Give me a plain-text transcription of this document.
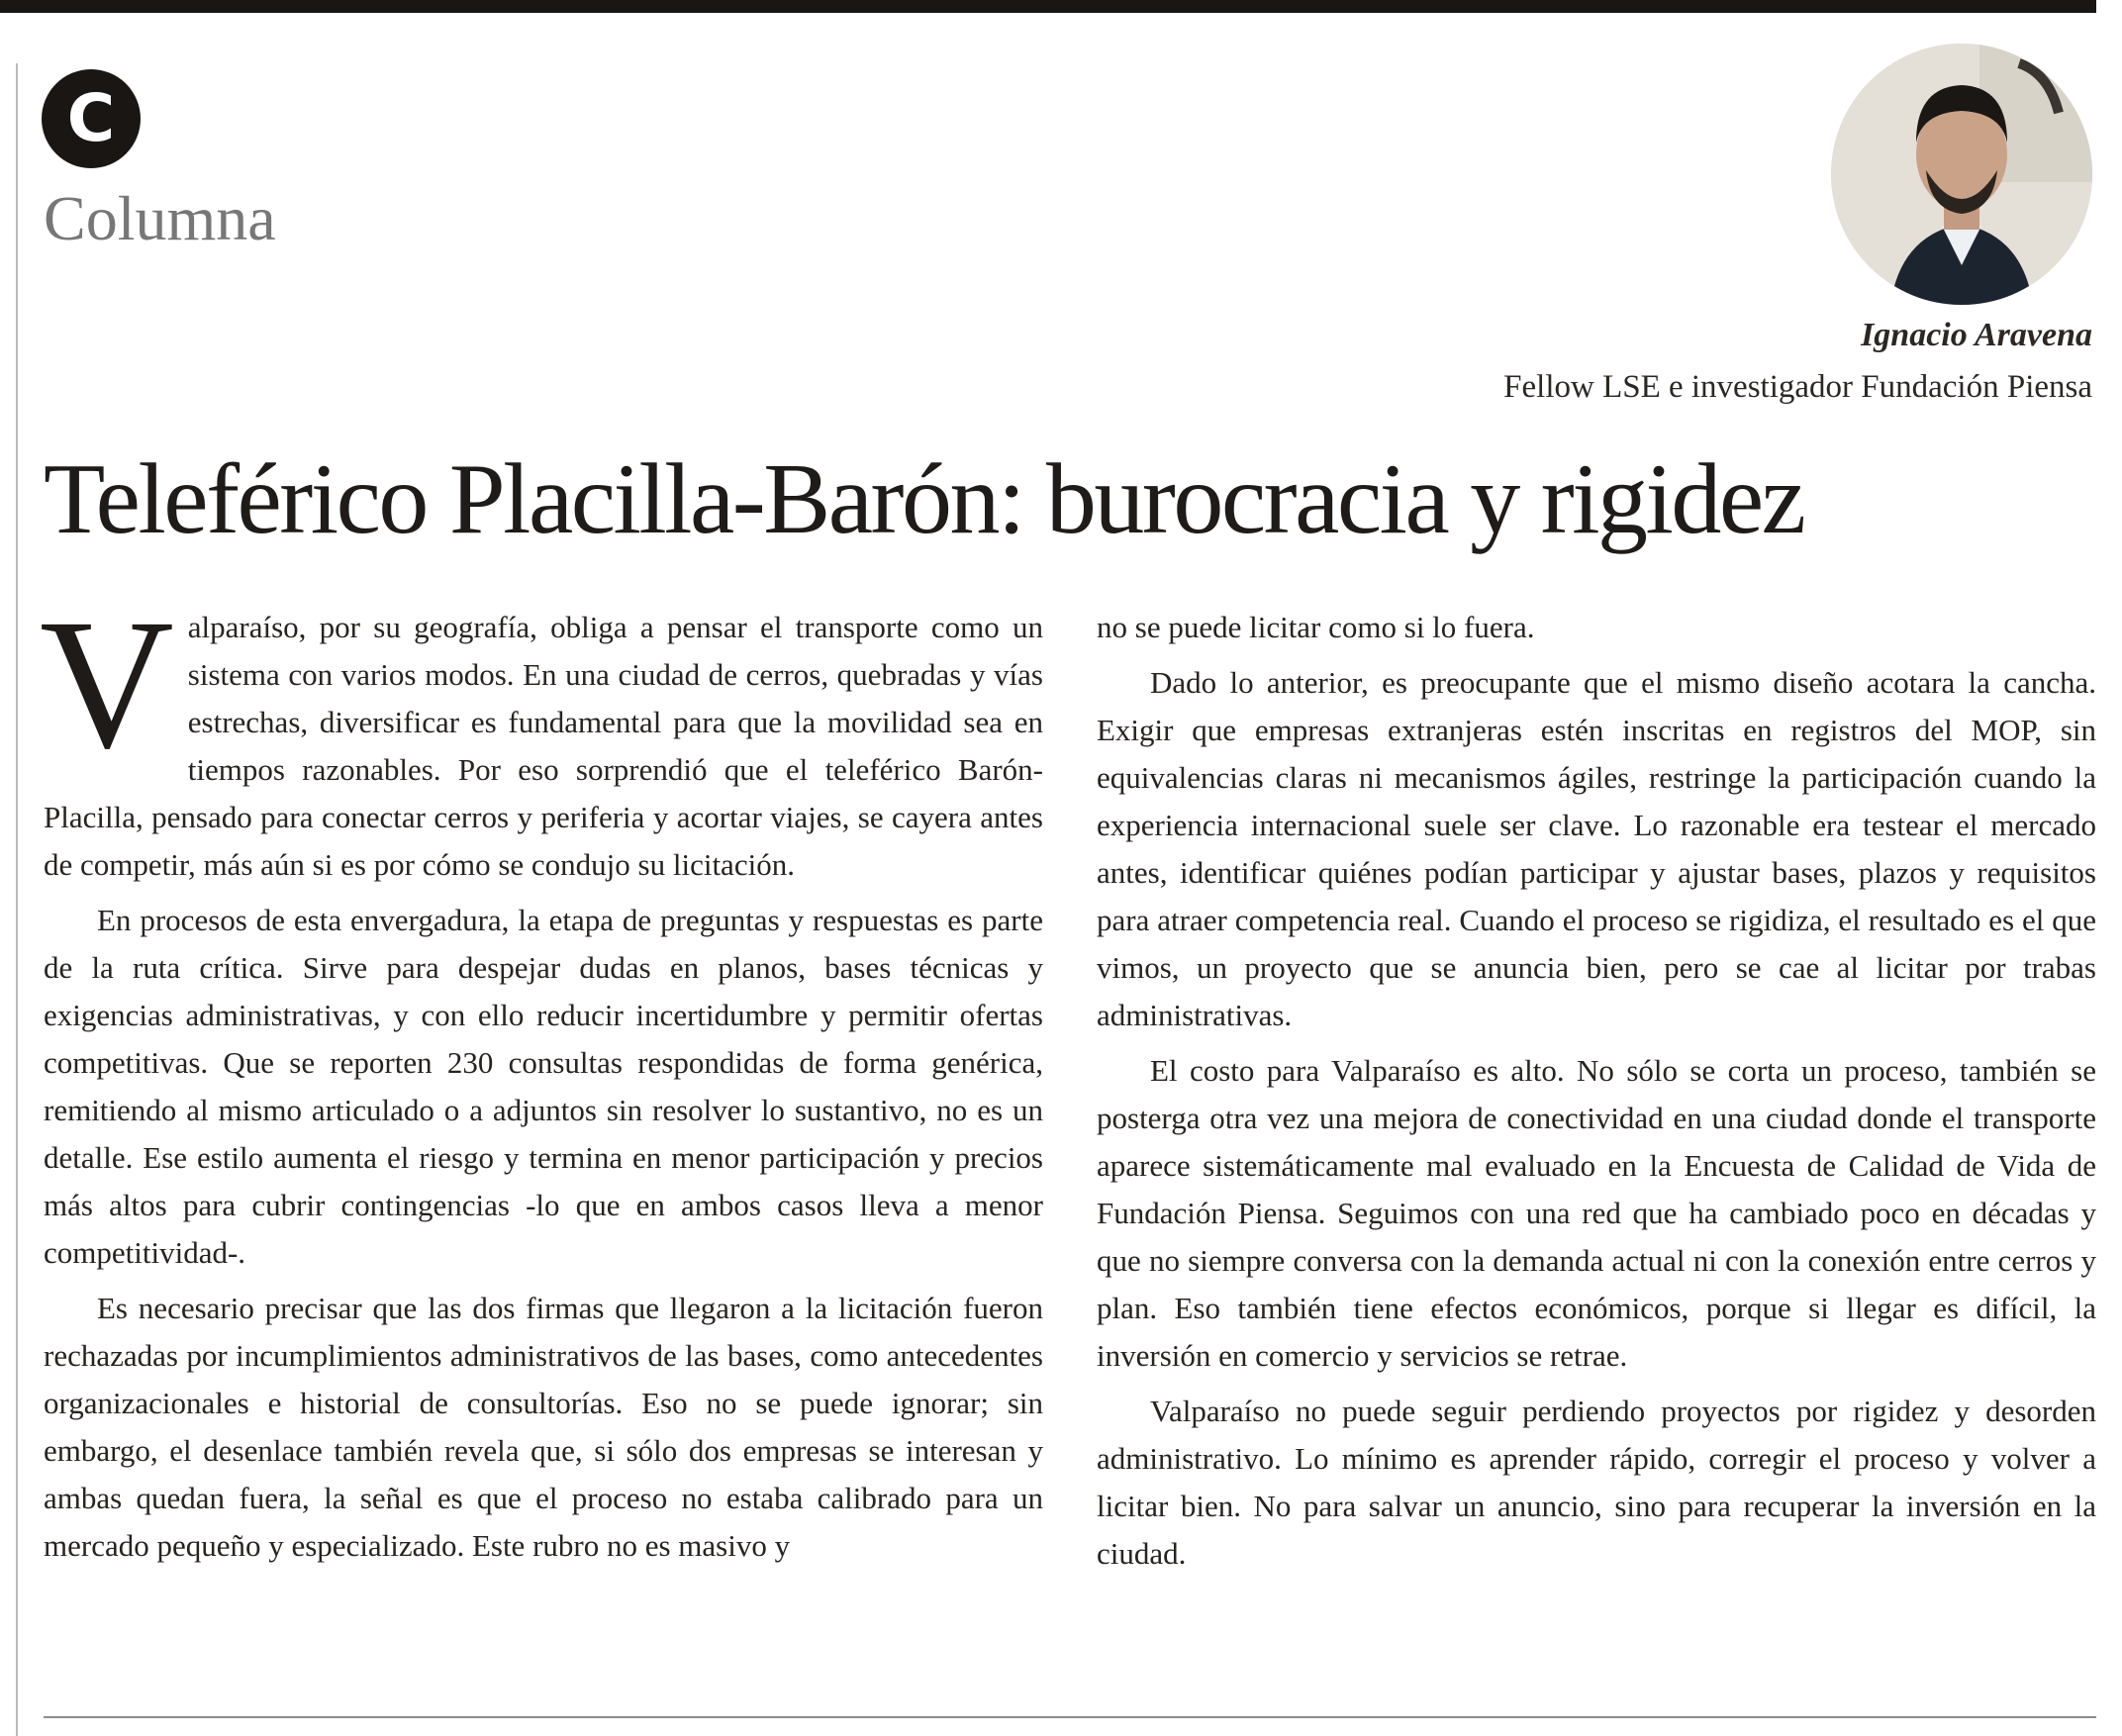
C
Columna
Ignacio Aravena
Fellow LSE e investigador Fundación Piensa
Teleférico Placilla-Barón: burocracia y rigidez

Valparaíso, por su geografía, obliga a pensar el transporte como un sistema con varios modos. En una ciudad de cerros, quebradas y vías estrechas, diversificar es fundamental para que la movilidad sea en tiempos razonables. Por eso sorprendió que el teleférico Barón-Placilla, pensado para conectar cerros y periferia y acortar viajes, se cayera antes de competir, más aún si es por cómo se condujo su licitación.

En procesos de esta envergadura, la etapa de preguntas y respuestas es parte de la ruta crítica. Sirve para despejar dudas en planos, bases técnicas y exigencias administrativas, y con ello reducir incertidumbre y permitir ofertas competitivas. Que se reporten 230 consultas respondidas de forma genérica, remitiendo al mismo articulado o a adjuntos sin resolver lo sustantivo, no es un detalle. Ese estilo aumenta el riesgo y termina en menor participación y precios más altos para cubrir contingencias -lo que en ambos casos lleva a menor competitividad-.

Es necesario precisar que las dos firmas que llegaron a la licitación fueron rechazadas por incumplimientos administrativos de las bases, como antecedentes organizacionales e historial de consultorías. Eso no se puede ignorar; sin embargo, el desenlace también revela que, si sólo dos empresas se interesan y ambas quedan fuera, la señal es que el proceso no estaba calibrado para un mercado pequeño y especializado. Este rubro no es masivo y

no se puede licitar como si lo fuera.

Dado lo anterior, es preocupante que el mismo diseño acotara la cancha. Exigir que empresas extranjeras estén inscritas en registros del MOP, sin equivalencias claras ni mecanismos ágiles, restringe la participación cuando la experiencia internacional suele ser clave. Lo razonable era testear el mercado antes, identificar quiénes podían participar y ajustar bases, plazos y requisitos para atraer competencia real. Cuando el proceso se rigidiza, el resultado es el que vimos, un proyecto que se anuncia bien, pero se cae al licitar por trabas administrativas.

El costo para Valparaíso es alto. No sólo se corta un proceso, también se posterga otra vez una mejora de conectividad en una ciudad donde el transporte aparece sistemáticamente mal evaluado en la Encuesta de Calidad de Vida de Fundación Piensa. Seguimos con una red que ha cambiado poco en décadas y que no siempre conversa con la demanda actual ni con la conexión entre cerros y plan. Eso también tiene efectos económicos, porque si llegar es difícil, la inversión en comercio y servicios se retrae.

Valparaíso no puede seguir perdiendo proyectos por rigidez y desorden administrativo. Lo mínimo es aprender rápido, corregir el proceso y volver a licitar bien. No para salvar un anuncio, sino para recuperar la inversión en la ciudad.
